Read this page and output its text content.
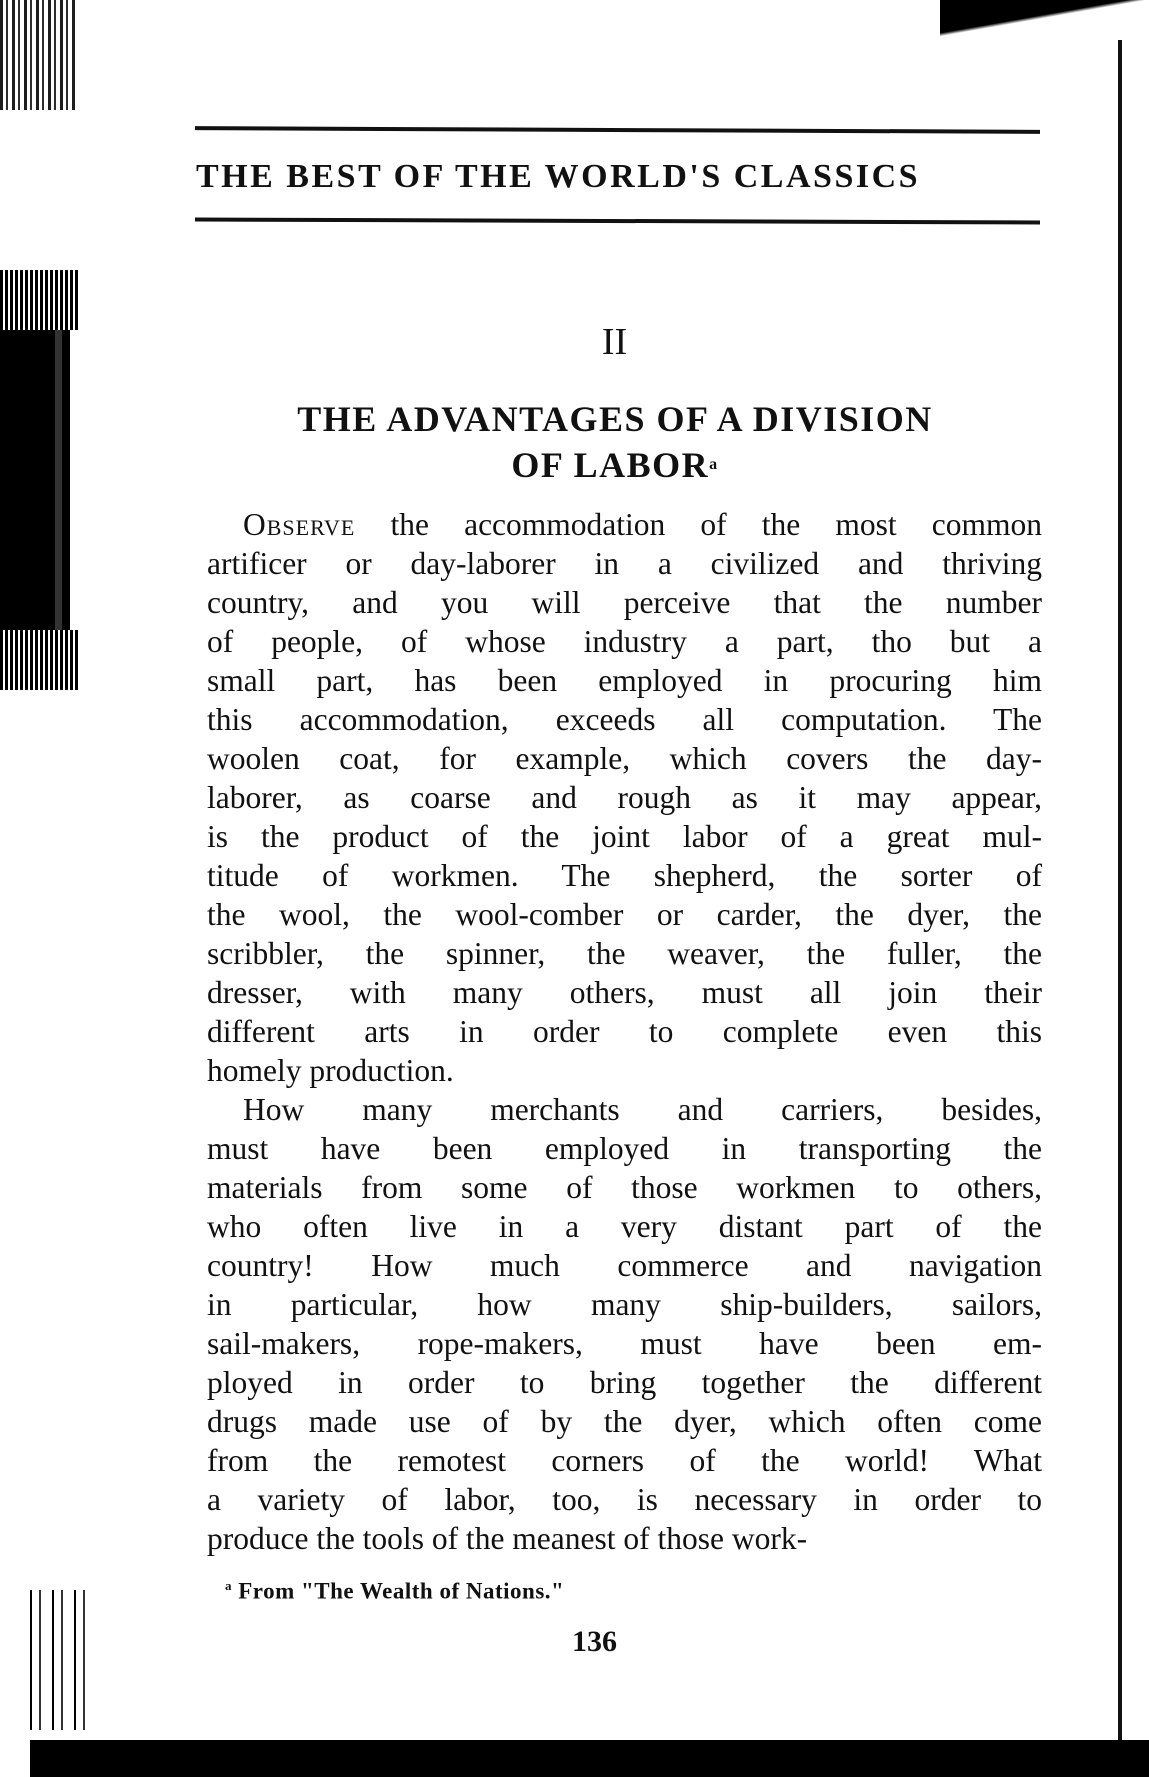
THE BEST OF THE WORLD'S CLASSICS
II
THE ADVANTAGES OF A DIVISION
OF LABOR$^a$

Observe the accommodation of the most common
artificer or day-laborer in a civilized and thriving
country, and you will perceive that the number
of people, of whose industry a part, tho but a
small part, has been employed in procuring him
this accommodation, exceeds all computation. The
woolen coat, for example, which covers the day-
laborer, as coarse and rough as it may appear,
is the product of the joint labor of a great mul-
titude of workmen. The shepherd, the sorter of
the wool, the wool-comber or carder, the dyer, the
scribbler, the spinner, the weaver, the fuller, the
dresser, with many others, must all join their
different arts in order to complete even this
homely production.

How many merchants and carriers, besides,
must have been employed in transporting the
materials from some of those workmen to others,
who often live in a very distant part of the
country! How much commerce and navigation
in particular, how many ship-builders, sailors,
sail-makers, rope-makers, must have been em-
ployed in order to bring together the different
drugs made use of by the dyer, which often come
from the remotest corners of the world! What
a variety of labor, too, is necessary in order to
produce the tools of the meanest of those work-

$^a$ From "The Wealth of Nations."
136
